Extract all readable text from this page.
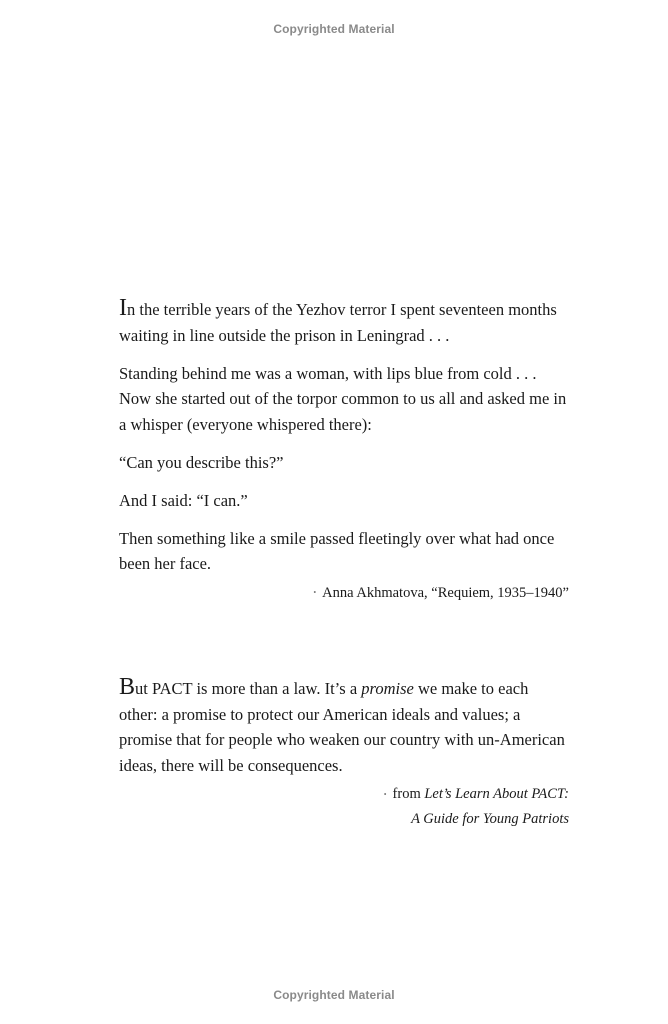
Copyrighted Material

In the terrible years of the Yezhov terror I spent seventeen months waiting in line outside the prison in Leningrad . . .

Standing behind me was a woman, with lips blue from cold . . . Now she started out of the torpor common to us all and asked me in a whisper (everyone whispered there):

“Can you describe this?”

And I said: “I can.”

Then something like a smile passed fleetingly over what had once been her face.

• Anna Akhmatova, “Requiem, 1935–1940”

But PACT is more than a law. It’s a promise we make to each other: a promise to protect our American ideals and values; a promise that for people who weaken our country with un-American ideas, there will be consequences.

• from Let’s Learn About PACT:
A Guide for Young Patriots
Copyrighted Material
